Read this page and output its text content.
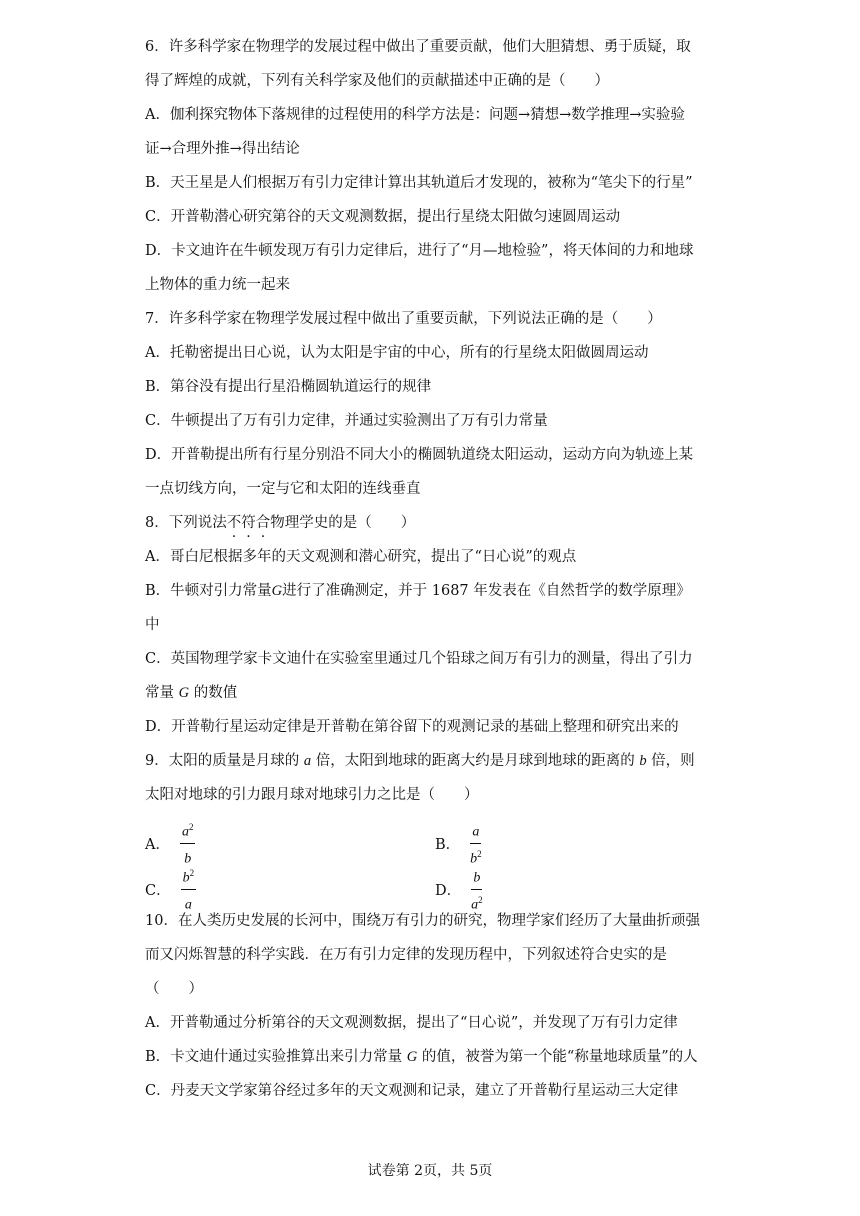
6．许多科学家在物理学的发展过程中做出了重要贡献，他们大胆猜想、勇于质疑，取
得了辉煌的成就，下列有关科学家及他们的贡献描述中正确的是（　　）
A．伽利探究物体下落规律的过程使用的科学方法是：问题→猜想→数学推理→实验验
证→合理外推→得出结论
B．天王星是人们根据万有引力定律计算出其轨道后才发现的，被称为“笔尖下的行星”
C．开普勒潜心研究第谷的天文观测数据，提出行星绕太阳做匀速圆周运动
D．卡文迪许在牛顿发现万有引力定律后，进行了“月—地检验”，将天体间的力和地球
上物体的重力统一起来
7．许多科学家在物理学发展过程中做出了重要贡献，下列说法正确的是（　　）
A．托勒密提出日心说，认为太阳是宇宙的中心，所有的行星绕太阳做圆周运动
B．第谷没有提出行星沿椭圆轨道运行的规律
C．牛顿提出了万有引力定律，并通过实验测出了万有引力常量
D．开普勒提出所有行星分别沿不同大小的椭圆轨道绕太阳运动，运动方向为轨迹上某
一点切线方向，一定与它和太阳的连线垂直
8．下列说法不符合物理学史的是（　　）
A．哥白尼根据多年的天文观测和潜心研究，提出了“日心说”的观点
B．牛顿对引力常量G进行了准确测定，并于 1687 年发表在《自然哲学的数学原理》
中
C．英国物理学家卡文迪什在实验室里通过几个铅球之间万有引力的测量，得出了引力
常量 G 的数值
D．开普勒行星运动定律是开普勒在第谷留下的观测记录的基础上整理和研究出来的
9．太阳的质量是月球的 a 倍，太阳到地球的距离大约是月球到地球的距离的 b 倍，则
太阳对地球的引力跟月球对地球引力之比是（　　）
A． $\frac{a^2}{b}$	B． $\frac{a}{b^2}$
C． $\frac{b^2}{a}$	D． $\frac{b}{a^2}$
10．在人类历史发展的长河中，围绕万有引力的研究，物理学家们经历了大量曲折顽强
而又闪烁智慧的科学实践．在万有引力定律的发现历程中，下列叙述符合史实的是
（　　）
A．开普勒通过分析第谷的天文观测数据，提出了“日心说”，并发现了万有引力定律
B．卡文迪什通过实验推算出来引力常量 G 的值，被誉为第一个能“称量地球质量”的人
C．丹麦天文学家第谷经过多年的天文观测和记录，建立了开普勒行星运动三大定律
试卷第 2页，共 5页
